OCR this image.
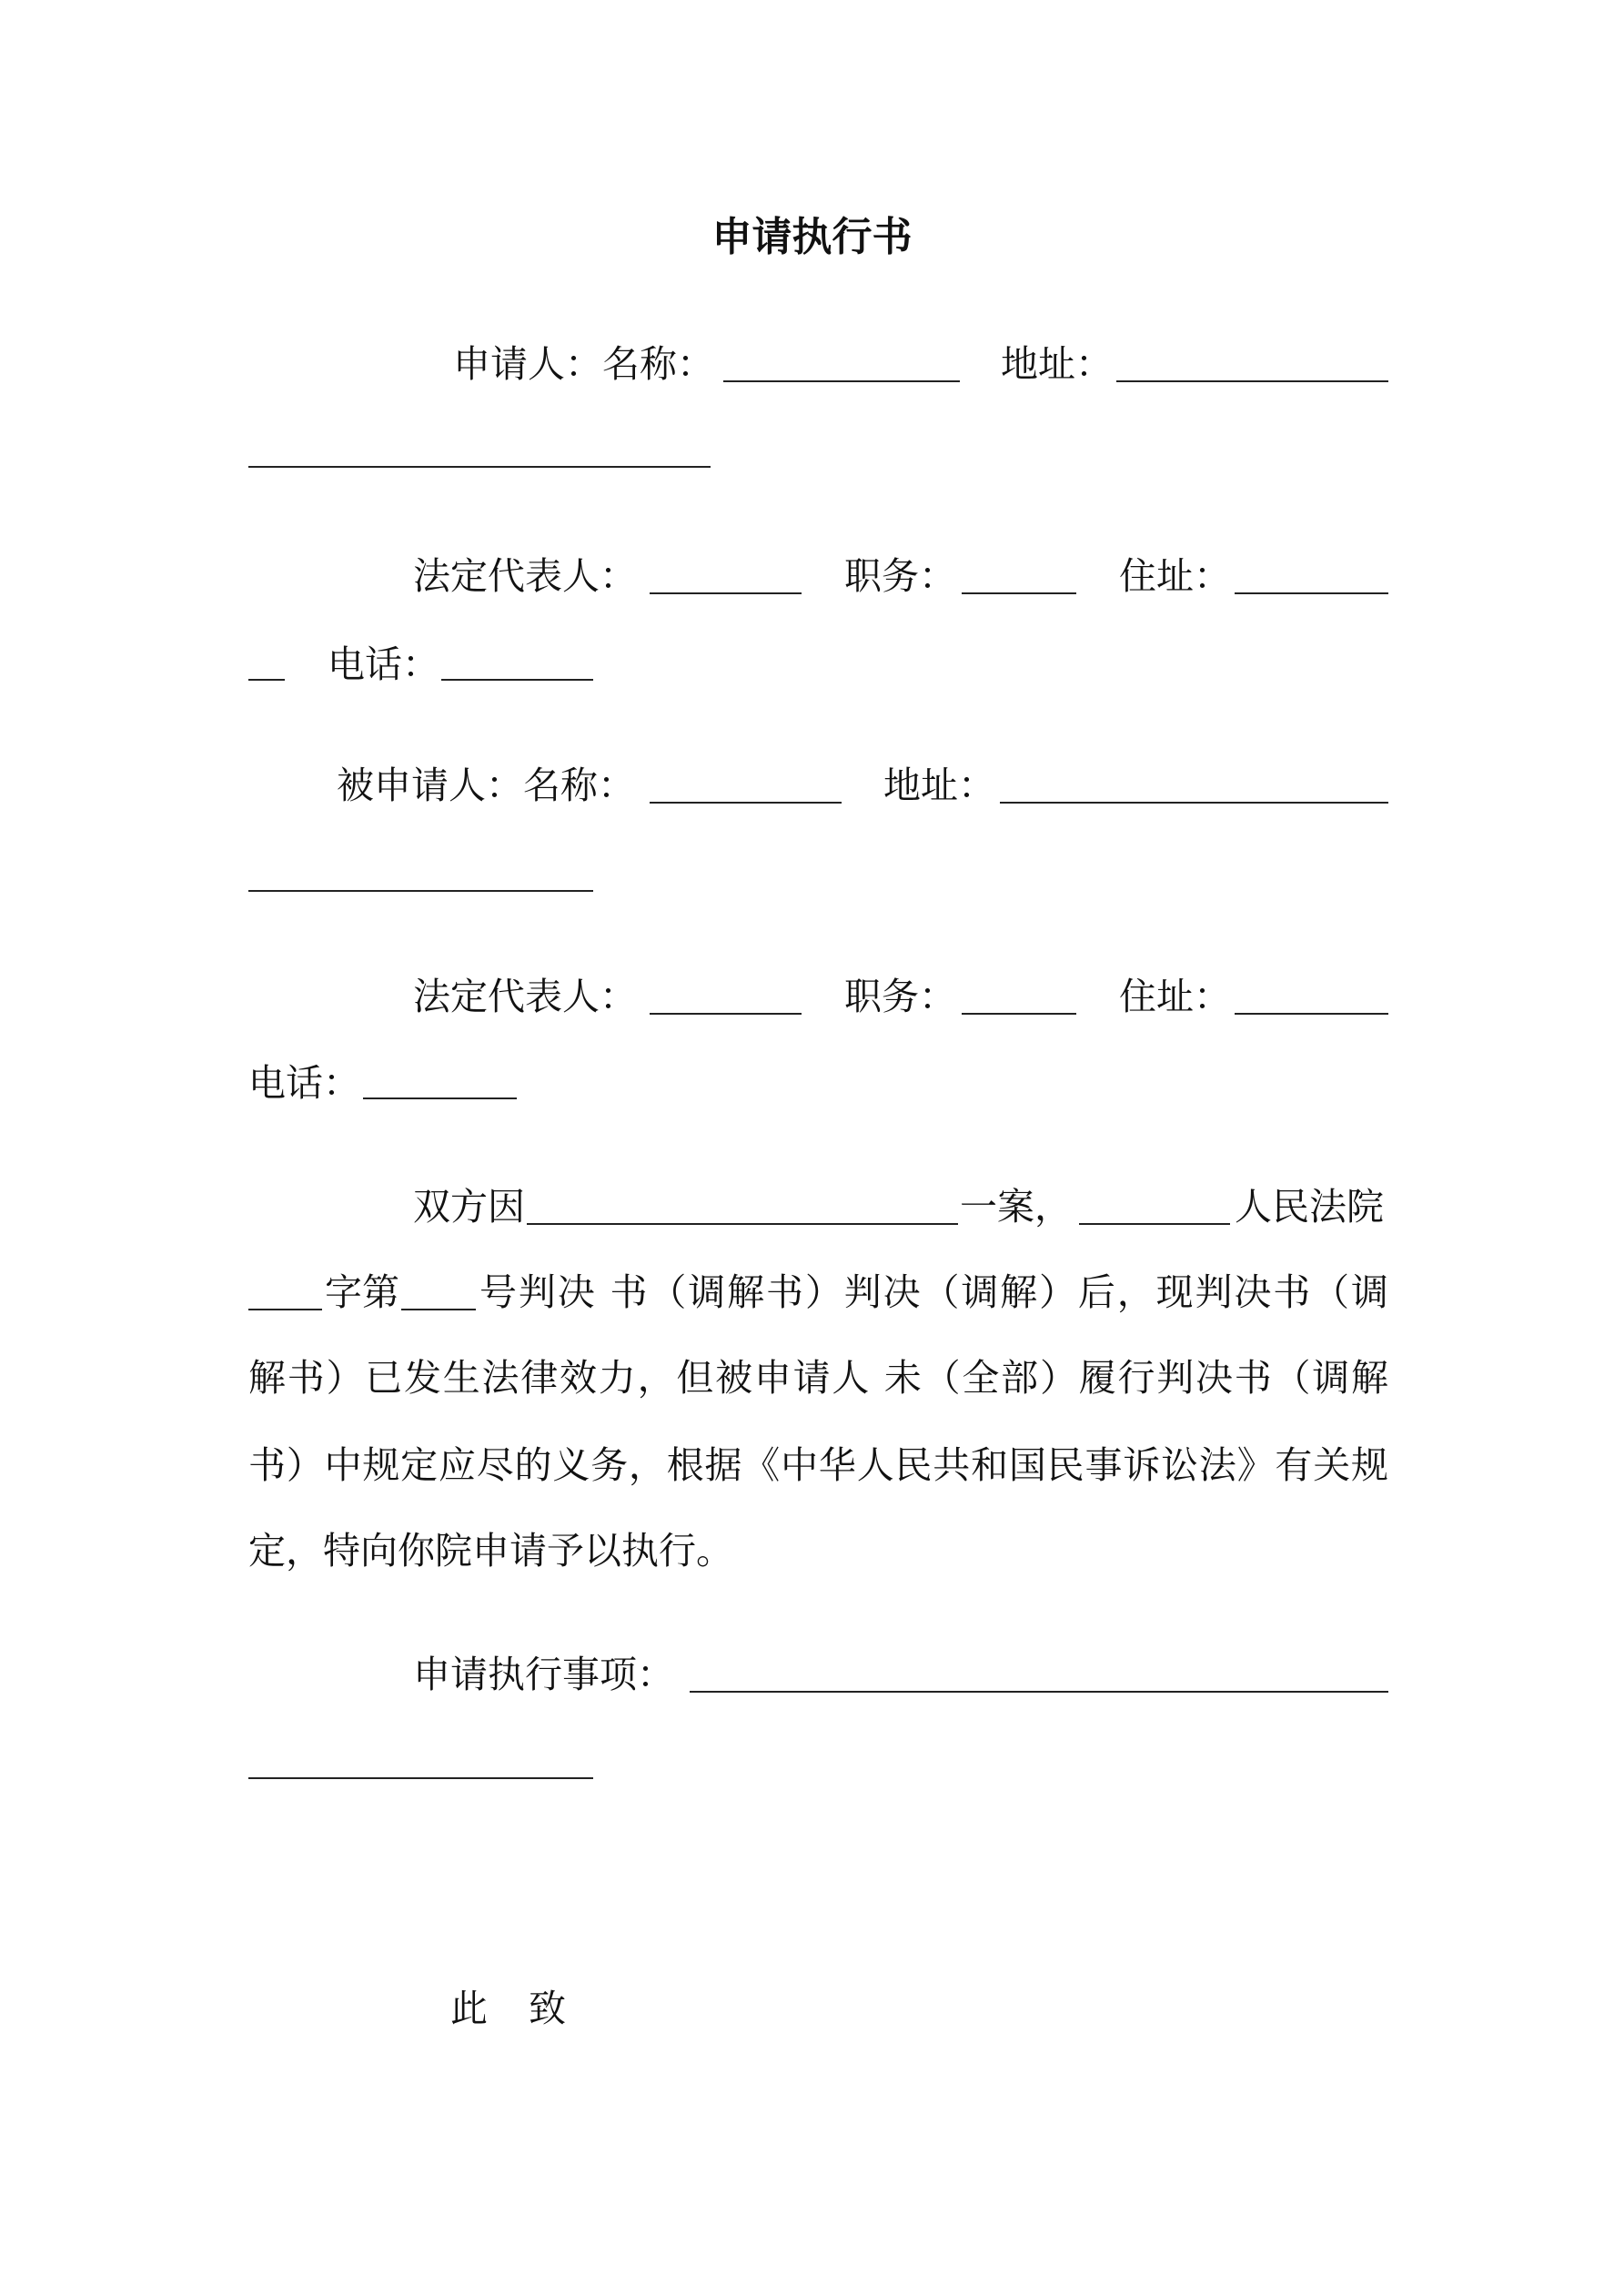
申请执行书
申请人：名称：	地址：
法定代表人：	职务：	住址：
电话：
被申请人：名称：	地址：
法定代表人：	职务：	住址：
电话：
双方因	一案，	人民法院
字第 号判决 书（调解书）判决（调解）后，现判决书（调
解书）已发生法律效力，但被申请人 未（全部）履行判决书（调解
书）中规定应尽的义务，根据《中华人民共和国民事诉讼法》有关规
定，特向你院申请予以执行。
申请执行事项：
此 致
